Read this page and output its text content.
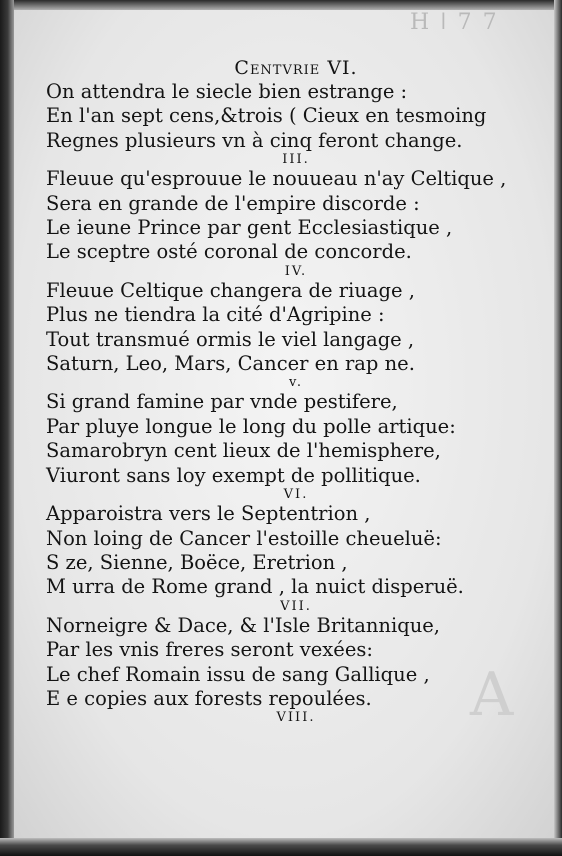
H ǀ 7 7
A

Centvrie VI.

On attendra le siecle bien estrange :
En l'an sept cens,&trois ( Cieux en tesmoing
Regnes plusieurs vn à cinq feront change.
III.
Fleuue qu'esprouue le nouueau n'ay Celtique ,
Sera en grande de l'empire discorde :
Le ieune Prince par gent Ecclesiastique ,
Le sceptre osté coronal de concorde.
IV.
Fleuue Celtique changera de riuage ,
Plus ne tiendra la cité d'Agripine :
Tout transmué ormis le viel langage ,
Saturn, Leo, Mars, Cancer en rap ne.
v.
Si grand famine par vnde pestifere,
Par pluye longue le long du polle artique:
Samarobryn cent lieux de l'hemisphere,
Viuront sans loy exempt de pollitique.
VI.
Apparoistra vers le Septentrion ,
Non loing de Cancer l'estoille cheueluë:
S ze, Sienne, Boëce, Eretrion ,
M urra de Rome grand , la nuict disperuë.
VII.
Norneigre & Dace, & l'Isle Britannique,
Par les vnis freres seront vexées:
Le chef Romain issu de sang Gallique ,
E e copies aux forests repoulées.
VIII.
